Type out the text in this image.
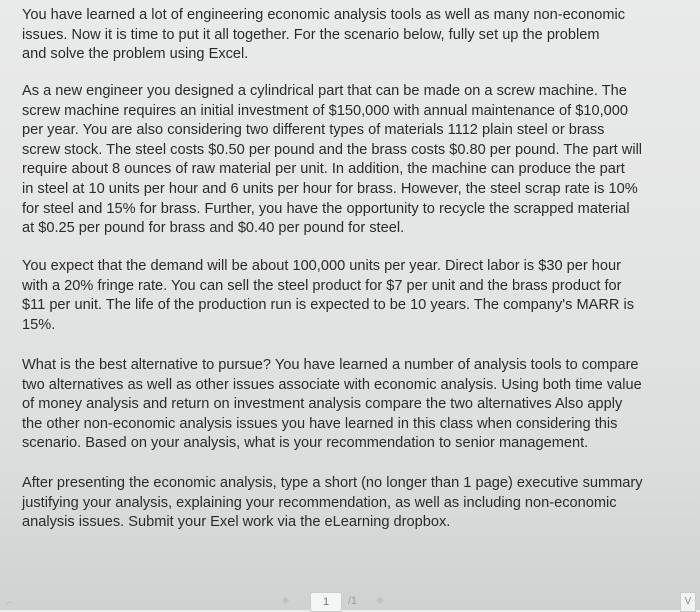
You have learned a lot of engineering economic analysis tools as well as many non-economic
issues. Now it is time to put it all together. For the scenario below, fully set up the problem
and solve the problem using Excel.

As a new engineer you designed a cylindrical part that can be made on a screw machine. The
screw machine requires an initial investment of $150,000 with annual maintenance of $10,000
per year. You are also considering two different types of materials 1112 plain steel or brass
screw stock. The steel costs $0.50 per pound and the brass costs $0.80 per pound. The part will
require about 8 ounces of raw material per unit. In addition, the machine can produce the part
in steel at 10 units per hour and 6 units per hour for brass. However, the steel scrap rate is 10%
for steel and 15% for brass. Further, you have the opportunity to recycle the scrapped material
at $0.25 per pound for brass and $0.40 per pound for steel.

You expect that the demand will be about 100,000 units per year. Direct labor is $30 per hour
with a 20% fringe rate. You can sell the steel product for $7 per unit and the brass product for
$11 per unit. The life of the production run is expected to be 10 years. The company's MARR is
15%.

What is the best alternative to pursue? You have learned a number of analysis tools to compare
two alternatives as well as other issues associate with economic analysis. Using both time value
of money analysis and return on investment analysis compare the two alternatives Also apply
the other non-economic analysis issues you have learned in this class when considering this
scenario. Based on your analysis, what is your recommendation to senior management.

After presenting the economic analysis, type a short (no longer than 1 page) executive summary
justifying your analysis, explaining your recommendation, as well as including non-economic
analysis issues. Submit your Exel work via the eLearning dropbox.

⌐	◆	1	/1 ◆	V
